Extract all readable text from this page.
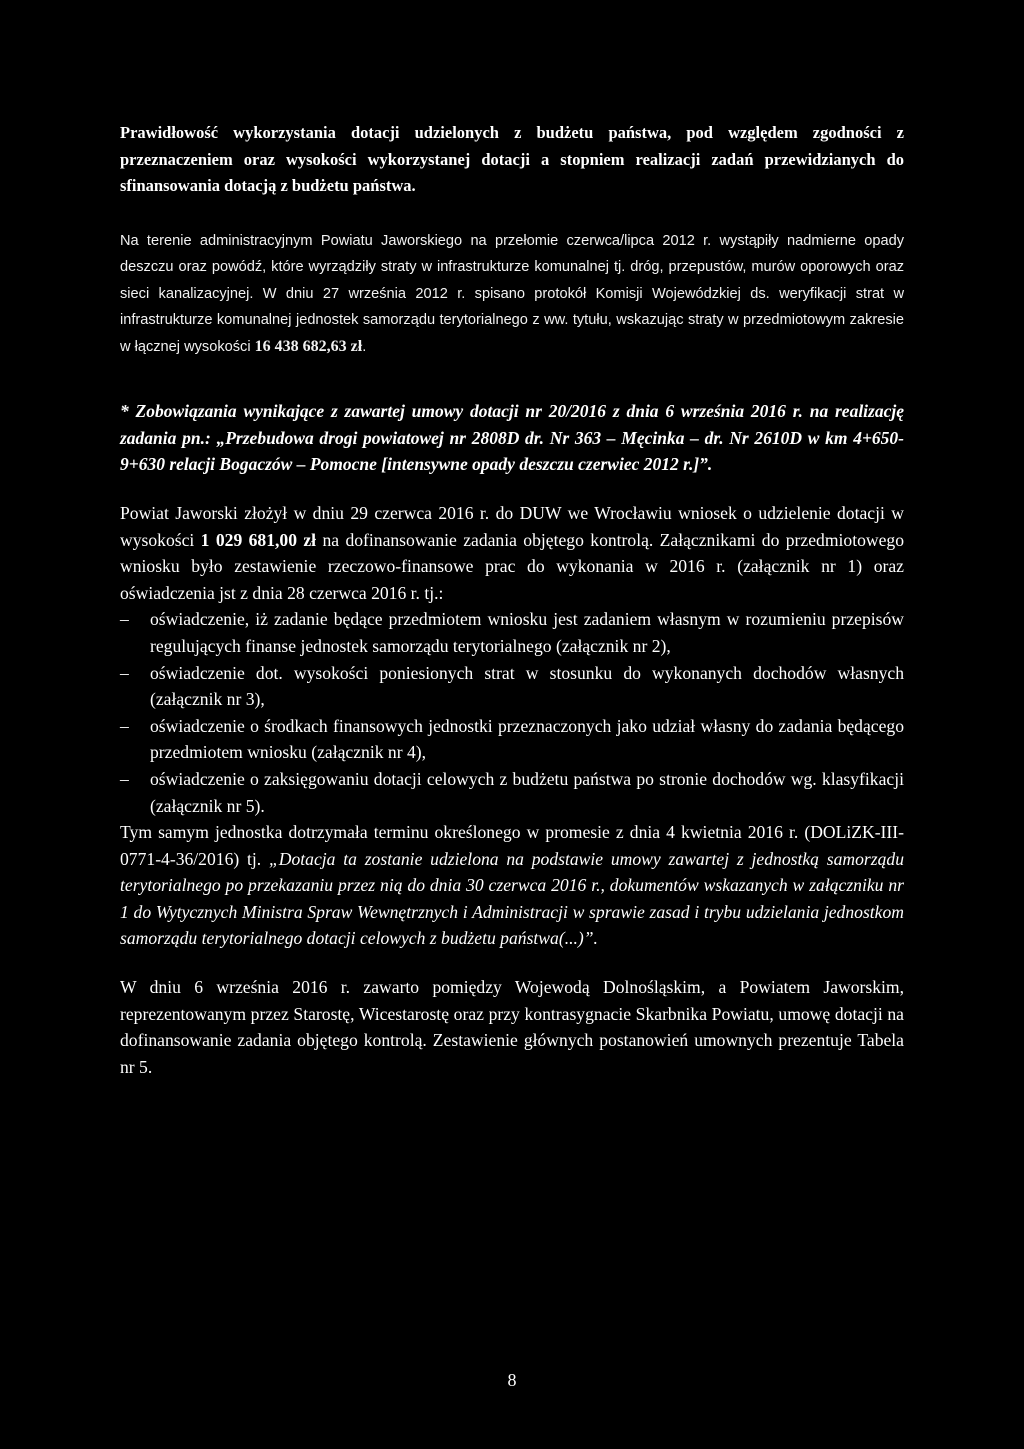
Prawidłowość wykorzystania dotacji udzielonych z budżetu państwa, pod względem zgodności z przeznaczeniem oraz wysokości wykorzystanej dotacji a stopniem realizacji zadań przewidzianych do sfinansowania dotacją z budżetu państwa.

Na terenie administracyjnym Powiatu Jaworskiego na przełomie czerwca/lipca 2012 r. wystąpiły nadmierne opady deszczu oraz powódź, które wyrządziły straty w infrastrukturze komunalnej tj. dróg, przepustów, murów oporowych oraz sieci kanalizacyjnej. W dniu 27 września 2012 r. spisano protokół Komisji Wojewódzkiej ds. weryfikacji strat w infrastrukturze komunalnej jednostek samorządu terytorialnego z ww. tytułu, wskazując straty w przedmiotowym zakresie w łącznej wysokości 16 438 682,63 zł.

* Zobowiązania wynikające z zawartej umowy dotacji nr 20/2016 z dnia 6 września 2016 r. na realizację zadania pn.: „Przebudowa drogi powiatowej nr 2808D dr. Nr 363 – Męcinka – dr. Nr 2610D w km 4+650-9+630 relacji Bogaczów – Pomocne [intensywne opady deszczu czerwiec 2012 r.]”.

Powiat Jaworski złożył w dniu 29 czerwca 2016 r. do DUW we Wrocławiu wniosek o udzielenie dotacji w wysokości 1 029 681,00 zł na dofinansowanie zadania objętego kontrolą. Załącznikami do przedmiotowego wniosku było zestawienie rzeczowo-finansowe prac do wykonania w 2016 r. (załącznik nr 1) oraz oświadczenia jst z dnia 28 czerwca 2016 r. tj.:

– oświadczenie, iż zadanie będące przedmiotem wniosku jest zadaniem własnym w rozumieniu przepisów regulujących finanse jednostek samorządu terytorialnego (załącznik nr 2),
– oświadczenie dot. wysokości poniesionych strat w stosunku do wykonanych dochodów własnych (załącznik nr 3),
– oświadczenie o środkach finansowych jednostki przeznaczonych jako udział własny do zadania będącego przedmiotem wniosku (załącznik nr 4),
– oświadczenie o zaksięgowaniu dotacji celowych z budżetu państwa po stronie dochodów wg. klasyfikacji (załącznik nr 5).

Tym samym jednostka dotrzymała terminu określonego w promesie z dnia 4 kwietnia 2016 r. (DOLiZK-III-0771-4-36/2016) tj. „Dotacja ta zostanie udzielona na podstawie umowy zawartej z jednostką samorządu terytorialnego po przekazaniu przez nią do dnia 30 czerwca 2016 r., dokumentów wskazanych w załączniku nr 1 do Wytycznych Ministra Spraw Wewnętrznych i Administracji w sprawie zasad i trybu udzielania jednostkom samorządu terytorialnego dotacji celowych z budżetu państwa(...)”.

W dniu 6 września 2016 r. zawarto pomiędzy Wojewodą Dolnośląskim, a Powiatem Jaworskim, reprezentowanym przez Starostę, Wicestarostę oraz przy kontrasygnacie Skarbnika Powiatu, umowę dotacji na dofinansowanie zadania objętego kontrolą. Zestawienie głównych postanowień umownych prezentuje Tabela nr 5.

8
